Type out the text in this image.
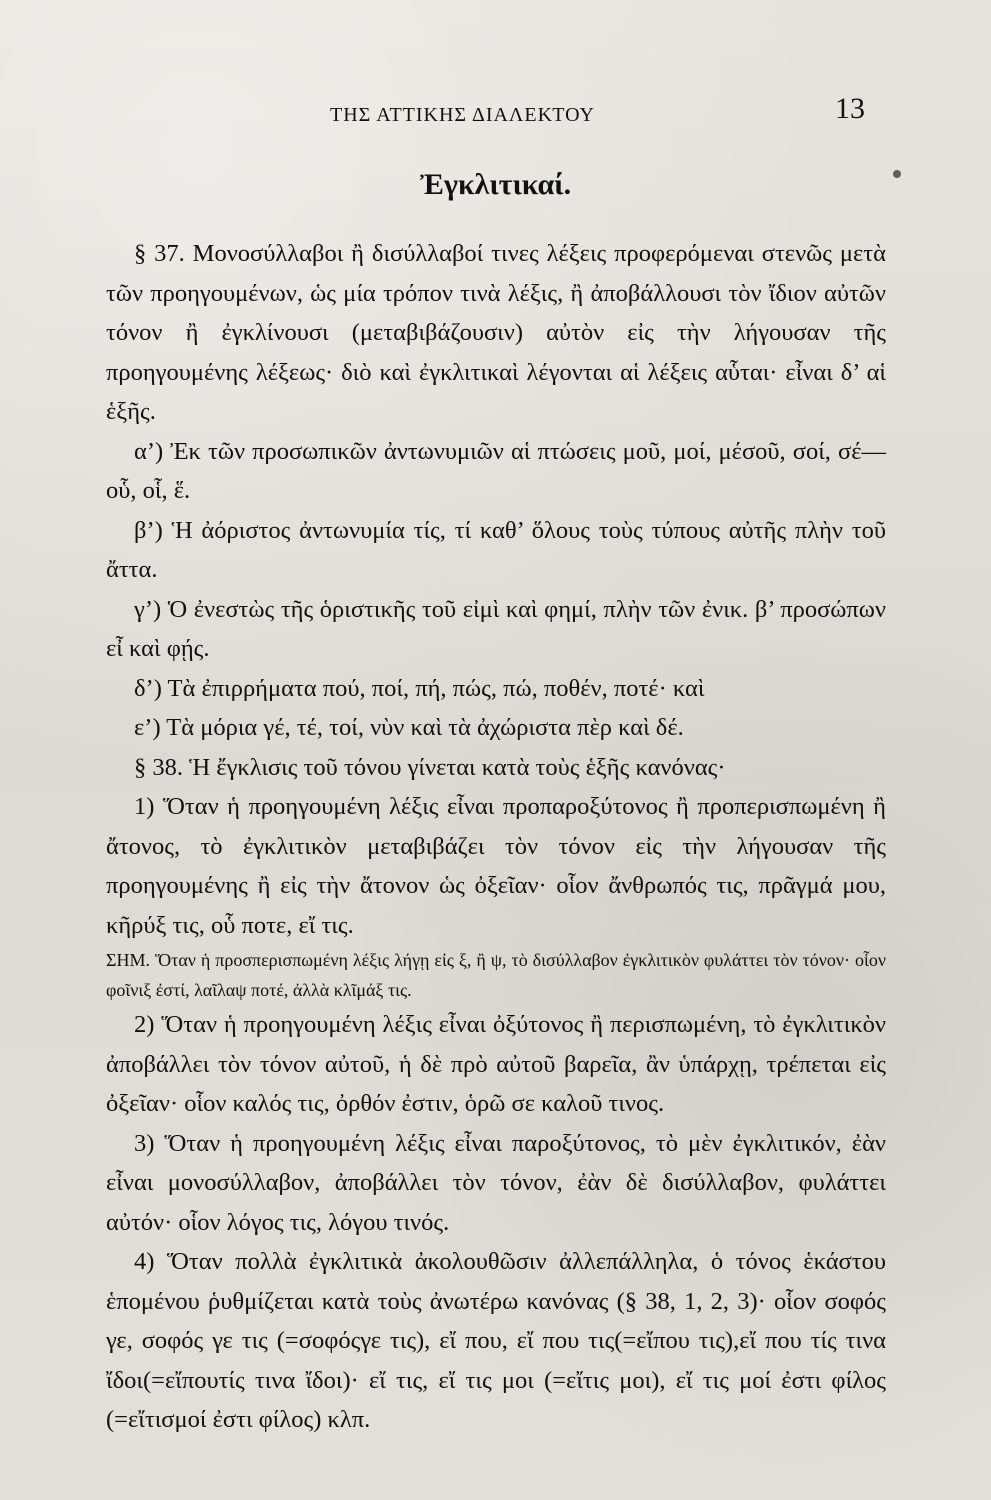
ΤΗΣ ΑΤΤΙΚΗΣ ΔΙΑΛΕΚΤΟΥ	13
Ἐγκλιτικαί.

§ 37. Μονοσύλλαβοι ἢ δισύλλαβοί τινες λέξεις προφερόμεναι στενῶς μετὰ τῶν προηγουμένων, ὡς μία τρόπον τινὰ λέξις, ἢ ἀποβάλλουσι τὸν ἴδιον αὐτῶν τόνον ἢ ἐγκλίνουσι (μεταβιβάζουσιν) αὐτὸν εἰς τὴν λήγουσαν τῆς προηγουμένης λέξεως· διὸ καὶ ἐγκλιτικαὶ λέγονται αἱ λέξεις αὗται· εἶναι δ’ αἱ ἑξῆς.

α’) Ἐκ τῶν προσωπικῶν ἀντωνυμιῶν αἱ πτώσεις μοῦ, μοί, μέσοῦ, σοί, σέ—οὗ, οἷ, ἕ.

β’) Ἡ ἀόριστος ἀντωνυμία τίς, τί καθ’ ὅλους τοὺς τύπους αὐτῆς πλὴν τοῦ ἄττα.

γ’) Ὁ ἐνεστὼς τῆς ὁριστικῆς τοῦ εἰμὶ καὶ φημί, πλὴν τῶν ἐνικ. β’ προσώπων εἶ καὶ φῄς.

δ’) Τὰ ἐπιρρήματα πού, ποί, πή, πώς, πώ, ποθέν, ποτέ· καὶ

ε’) Τὰ μόρια γέ, τέ, τοί, νὺν καὶ τὰ ἀχώριστα πὲρ καὶ δέ.

§ 38. Ἡ ἔγκλισις τοῦ τόνου γίνεται κατὰ τοὺς ἑξῆς κανόνας·

1) Ὅταν ἡ προηγουμένη λέξις εἶναι προπαροξύτονος ἢ προπερισπωμένη ἢ ἄτονος, τὸ ἐγκλιτικὸν μεταβιβάζει τὸν τόνον εἰς τὴν λήγουσαν τῆς προηγουμένης ἢ εἰς τὴν ἄτονον ὡς ὀξεῖαν· οἷον ἄνθρωπός τις, πρᾶγμά μου, κῆρύξ τις, οὗ ποτε, εἴ τις.

ΣΗΜ. Ὅταν ἡ προσπερισπωμένη λέξις λήγῃ εἰς ξ, ἢ ψ, τὸ δισύλλαβον ἐγκλιτικὸν φυλάττει τὸν τόνον· οἷον φοῖνιξ ἐστί, λαῖλαψ ποτέ, ἀλλὰ κλῖμάξ τις.

2) Ὅταν ἡ προηγουμένη λέξις εἶναι ὀξύτονος ἢ περισπωμένη, τὸ ἐγκλιτικὸν ἀποβάλλει τὸν τόνον αὐτοῦ, ἡ δὲ πρὸ αὐτοῦ βαρεῖα, ἂν ὑπάρχῃ, τρέπεται εἰς ὀξεῖαν· οἷον καλός τις, ὀρθόν ἐστιν, ὁρῶ σε καλοῦ τινος.

3) Ὅταν ἡ προηγουμένη λέξις εἶναι παροξύτονος, τὸ μὲν ἐγκλιτικόν, ἐὰν εἶναι μονοσύλλαβον, ἀποβάλλει τὸν τόνον, ἐὰν δὲ δισύλλαβον, φυλάττει αὐτόν· οἷον λόγος τις, λόγου τινός.

4) Ὅταν πολλὰ ἐγκλιτικὰ ἀκολουθῶσιν ἀλλεπάλληλα, ὁ τόνος ἑκάστου ἑπομένου ῥυθμίζεται κατὰ τοὺς ἀνωτέρω κανόνας (§ 38, 1, 2, 3)· οἷον σοφός γε, σοφός γε τις (=σοφόςγε τις), εἴ που, εἴ που τις(=εἴπου τις),εἴ που τίς τινα ἴδοι(=εἴπουτίς τινα ἴδοι)· εἴ τις, εἴ τις μοι (=εἴτις μοι), εἴ τις μοί ἐστι φίλος (=εἴτισμοί ἐστι φίλος) κλπ.
